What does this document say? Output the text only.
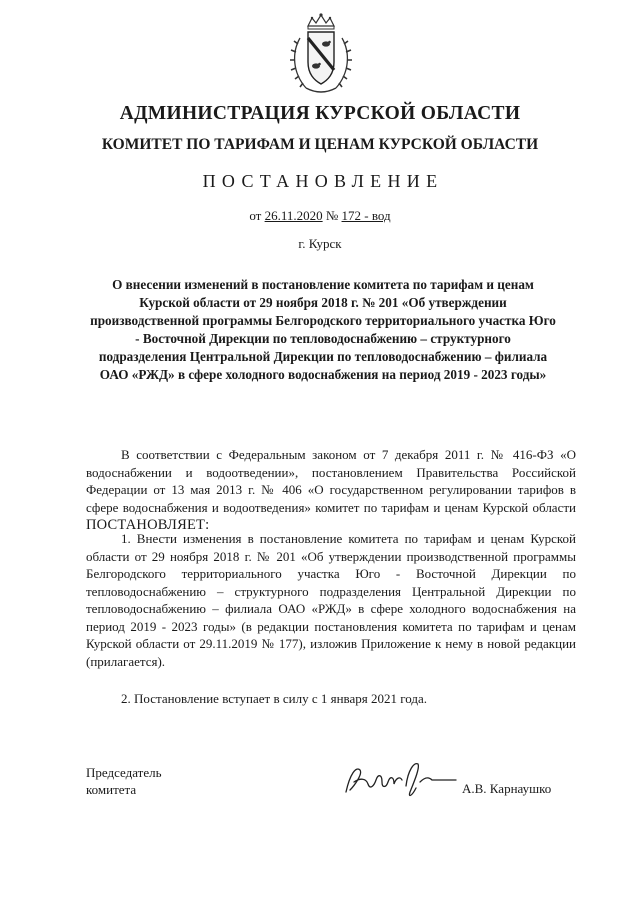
АДМИНИСТРАЦИЯ КУРСКОЙ ОБЛАСТИ
КОМИТЕТ ПО ТАРИФАМ И ЦЕНАМ КУРСКОЙ ОБЛАСТИ
ПОСТАНОВЛЕНИЕ
от 26.11.2020 № 172 - вод
г. Курск
О внесении изменений в постановление комитета по тарифам и ценам Курской области от 29 ноября 2018 г. № 201 «Об утверждении производственной программы Белгородского территориального участка Юго - Восточной Дирекции по тепловодоснабжению – структурного подразделения Центральной Дирекции по тепловодоснабжению – филиала ОАО «РЖД» в сфере холодного водоснабжения на период 2019 - 2023 годы»

В соответствии с Федеральным законом от 7 декабря 2011 г. № 416-ФЗ «О водоснабжении и водоотведении», постановлением Правительства Российской Федерации от 13 мая 2013 г. № 406 «О государственном регулировании тарифов в сфере водоснабжения и водоотведения» комитет по тарифам и ценам Курской области ПОСТАНОВЛЯЕТ:

1. Внести изменения в постановление комитета по тарифам и ценам Курской области от 29 ноября 2018 г. № 201 «Об утверждении производственной программы Белгородского территориального участка Юго - Восточной Дирекции по тепловодоснабжению – структурного подразделения Центральной Дирекции по тепловодоснабжению – филиала ОАО «РЖД» в сфере холодного водоснабжения на период 2019 - 2023 годы» (в редакции постановления комитета по тарифам и ценам Курской области от 29.11.2019 № 177), изложив Приложение к нему в новой редакции (прилагается).

2. Постановление вступает в силу с 1 января 2021 года.

Председатель
комитета	А.В. Карнаушко
